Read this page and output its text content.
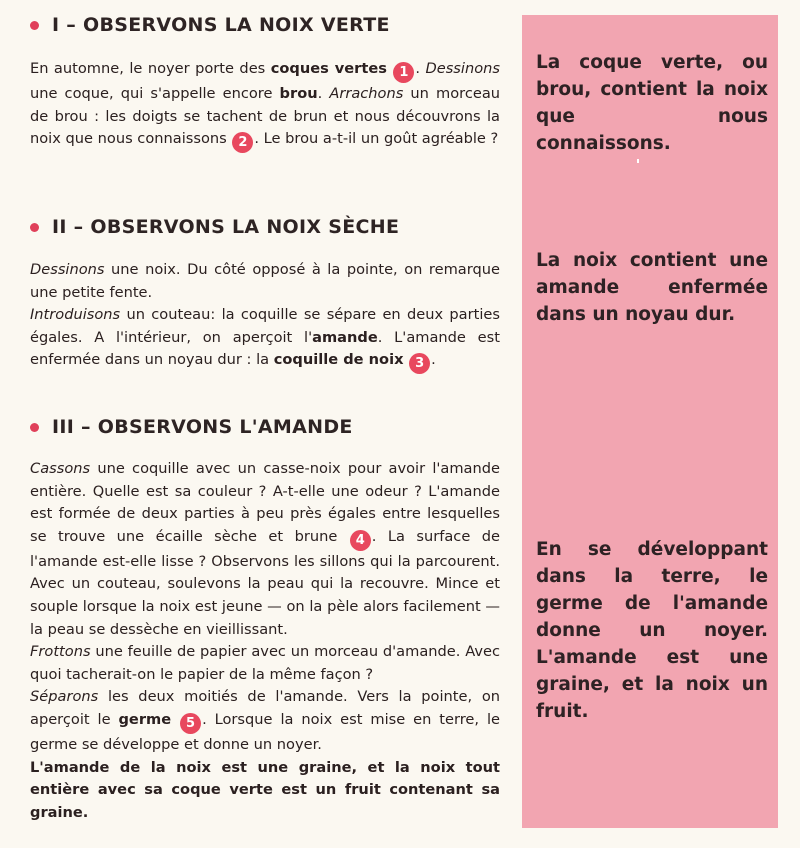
I – OBSERVONS LA NOIX VERTE

En automne, le noyer porte des coques vertes 1 . Dessinons une coque, qui s'appelle encore brou. Arrachons un morceau de brou : les doigts se tachent de brun et nous découvrons la noix que nous connaissons 2 . Le brou a-t-il un goût agréable ?

II – OBSERVONS LA NOIX SÈCHE

Dessinons une noix. Du côté opposé à la pointe, on remarque une petite fente.

Introduisons un couteau: la coquille se sépare en deux parties égales. A l'intérieur, on aperçoit l'amande. L'amande est enfermée dans un noyau dur : la coquille de noix 3 .

III – OBSERVONS L'AMANDE

Cassons une coquille avec un casse-noix pour avoir l'amande entière. Quelle est sa couleur ? A-t-elle une odeur ? L'amande est formée de deux parties à peu près égales entre lesquelles se trouve une écaille sèche et brune 4 . La surface de l'amande est-elle lisse ? Observons les sillons qui la parcourent. Avec un couteau, soulevons la peau qui la recouvre. Mince et souple lorsque la noix est jeune — on la pèle alors facilement — la peau se dessèche en vieillissant.

Frottons une feuille de papier avec un morceau d'amande. Avec quoi tacherait-on le papier de la même façon ?

Séparons les deux moitiés de l'amande. Vers la pointe, on aperçoit le germe 5 . Lorsque la noix est mise en terre, le germe se développe et donne un noyer.

L'amande de la noix est une graine, et la noix tout entière avec sa coque verte est un fruit contenant sa graine.

La coque verte, ou brou, contient la noix que nous connaissons.
La noix contient une amande enfermée dans un noyau dur.
En se développant dans la terre, le germe de l'amande donne un noyer. L'amande est une graine, et la noix un fruit.
